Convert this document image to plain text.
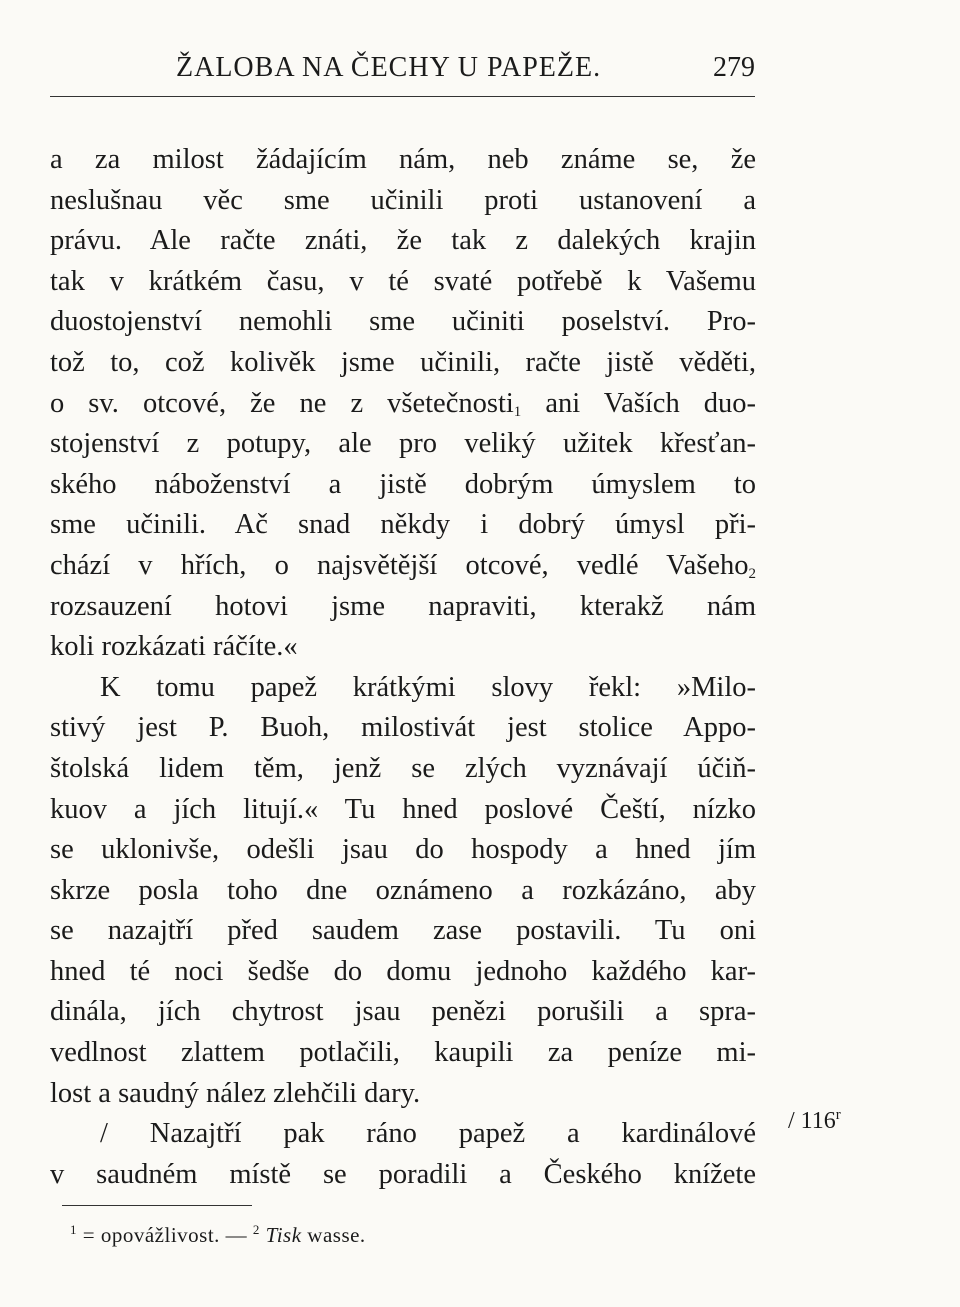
ŽALOBA NA ČECHY U PAPEŽE.	279
a za milost žádajícím nám, neb známe se, že
neslušnau věc sme učinili proti ustanovení a
právu. Ale račte znáti, že tak z dalekých krajin
tak v krátkém času, v té svaté potřebě k Vašemu
duostojenství nemohli sme učiniti poselství. Pro-
tož to, což kolivěk jsme učinili, račte jistě věděti,
o sv. otcové, že ne z všetečnosti1 ani Vaších duo-
stojenství z potupy, ale pro veliký užitek křesťan-
ského náboženství a jistě dobrým úmyslem to
sme učinili. Ač snad někdy i dobrý úmysl při-
chází v hřích, o najsvětější otcové, vedlé Vašeho2
rozsauzení hotovi jsme napraviti, kterakž nám
koli rozkázati ráčíte.«
K tomu papež krátkými slovy řekl: »Milo-
stivý jest P. Buoh, milostivát jest stolice Appo-
štolská lidem těm, jenž se zlých vyznávají účiň-
kuov a jích litují.« Tu hned poslové Čeští, nízko
se uklonivše, odešli jsau do hospody a hned jím
skrze posla toho dne oznámeno a rozkázáno, aby
se nazajtří před saudem zase postavili. Tu oni
hned té noci šedše do domu jednoho každého kar-
dinála, jích chytrost jsau penězi porušili a spra-
vedlnost zlattem potlačili, kaupili za peníze mi-
lost a saudný nález zlehčili dary.
/ Nazajtří pak ráno papež a kardinálové
v saudném místě se poradili a Českého knížete
/ 116$^r$
$^1$ = opovážlivost. — $^2$ Tisk wasse.
